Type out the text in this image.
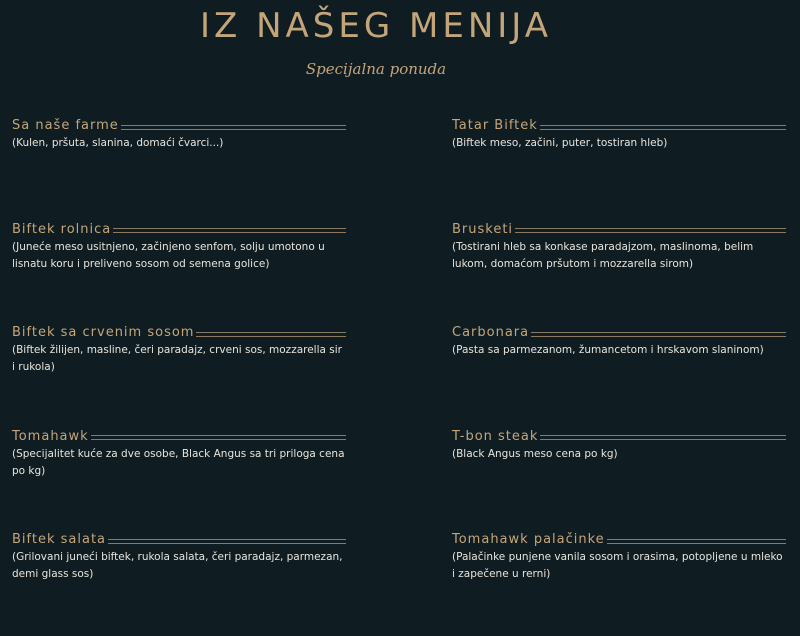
IZ NAŠEG MENIJA
Specijalna ponuda
Sa naše farme
(Kulen, pršuta, slanina, domaći čvarci...)
Tatar Biftek
(Biftek meso, začini, puter, tostiran hleb)
Biftek rolnica
(Juneće meso usitnjeno, začinjeno senfom, solju umotono u lisnatu koru i preliveno sosom od semena golice)
Brusketi
(Tostirani hleb sa konkase paradajzom, maslinoma, belim lukom, domaćom pršutom i mozzarella sirom)
Biftek sa crvenim sosom
(Biftek žilijen, masline, čeri paradajz, crveni sos, mozzarella sir i rukola)
Carbonara
(Pasta sa parmezanom, žumancetom i hrskavom slaninom)
Tomahawk
(Specijalitet kuće za dve osobe, Black Angus sa tri priloga cena po kg)
T-bon steak
(Black Angus meso cena po kg)
Biftek salata
(Grilovani juneći biftek, rukola salata, čeri paradajz, parmezan, demi glass sos)
Tomahawk palačinke
(Palačinke punjene vanila sosom i orasima, potopljene u mleko i zapečene u rerni)
